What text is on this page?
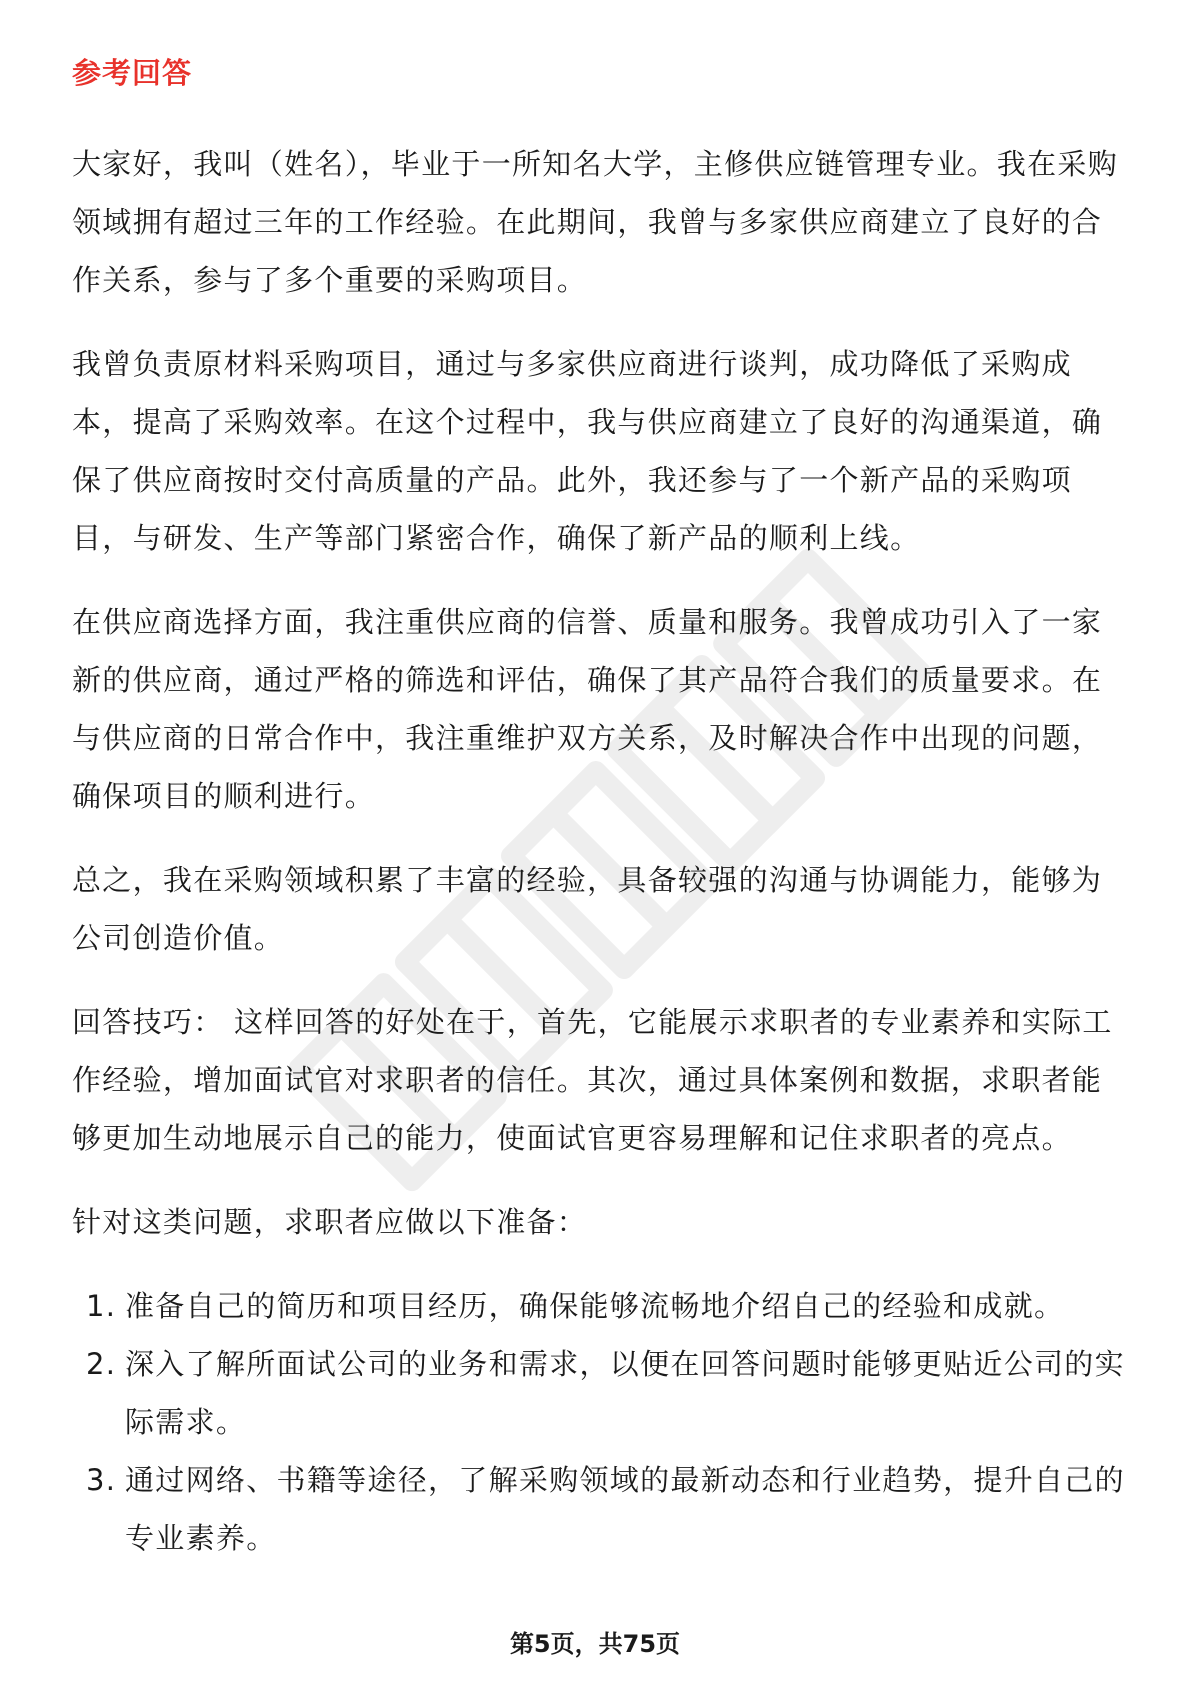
参考回答

大家好，我叫（姓名），毕业于一所知名大学，主修供应链管理专业。我在采购领域拥有超过三年的工作经验。在此期间，我曾与多家供应商建立了良好的合作关系，参与了多个重要的采购项目。

我曾负责原材料采购项目，通过与多家供应商进行谈判，成功降低了采购成本，提高了采购效率。在这个过程中，我与供应商建立了良好的沟通渠道，确保了供应商按时交付高质量的产品。此外，我还参与了一个新产品的采购项目，与研发、生产等部门紧密合作，确保了新产品的顺利上线。

在供应商选择方面，我注重供应商的信誉、质量和服务。我曾成功引入了一家新的供应商，通过严格的筛选和评估，确保了其产品符合我们的质量要求。在与供应商的日常合作中，我注重维护双方关系，及时解决合作中出现的问题，确保项目的顺利进行。

总之，我在采购领域积累了丰富的经验，具备较强的沟通与协调能力，能够为公司创造价值。

回答技巧： 这样回答的好处在于，首先，它能展示求职者的专业素养和实际工作经验，增加面试官对求职者的信任。其次，通过具体案例和数据，求职者能够更加生动地展示自己的能力，使面试官更容易理解和记住求职者的亮点。

针对这类问题，求职者应做以下准备：

1. 准备自己的简历和项目经历，确保能够流畅地介绍自己的经验和成就。
2. 深入了解所面试公司的业务和需求，以便在回答问题时能够更贴近公司的实际需求。
3. 通过网络、书籍等途径，了解采购领域的最新动态和行业趋势，提升自己的专业素养。
第5页，共75页
